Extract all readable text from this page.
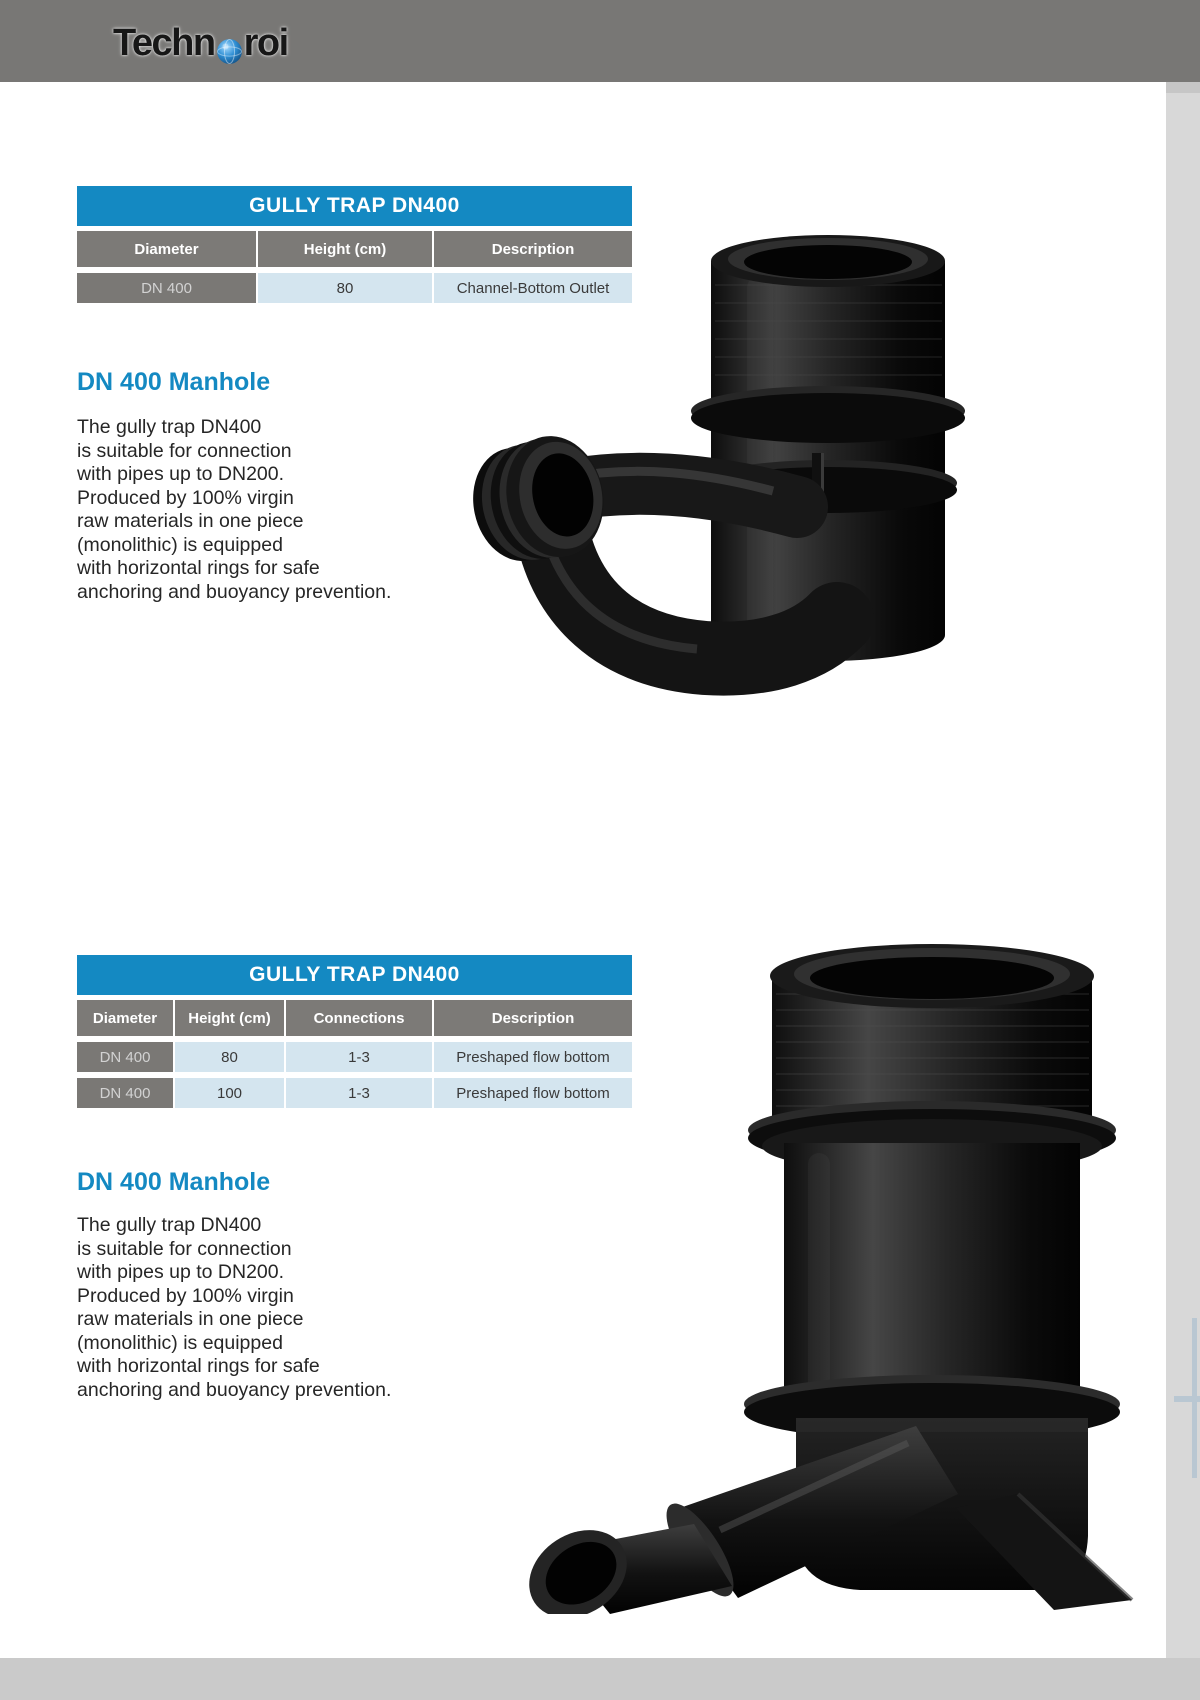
Techn roi
GULLY TRAP DN400
Diameter	Height (cm)	Description
DN 400	80	Channel-Bottom Outlet
DN 400 Manhole
The gully trap DN400
is suitable for connection
with pipes up to DN200.
Produced by 100% virgin
raw materials in one piece
(monolithic) is equipped
with horizontal rings for safe
anchoring and buoyancy prevention.
GULLY TRAP DN400
Diameter	Height (cm)	Connections	Description
DN 400	80	1-3	Preshaped flow bottom
DN 400	100	1-3	Preshaped flow bottom
DN 400 Manhole
The gully trap DN400
is suitable for connection
with pipes up to DN200.
Produced by 100% virgin
raw materials in one piece
(monolithic) is equipped
with horizontal rings for safe
anchoring and buoyancy prevention.
